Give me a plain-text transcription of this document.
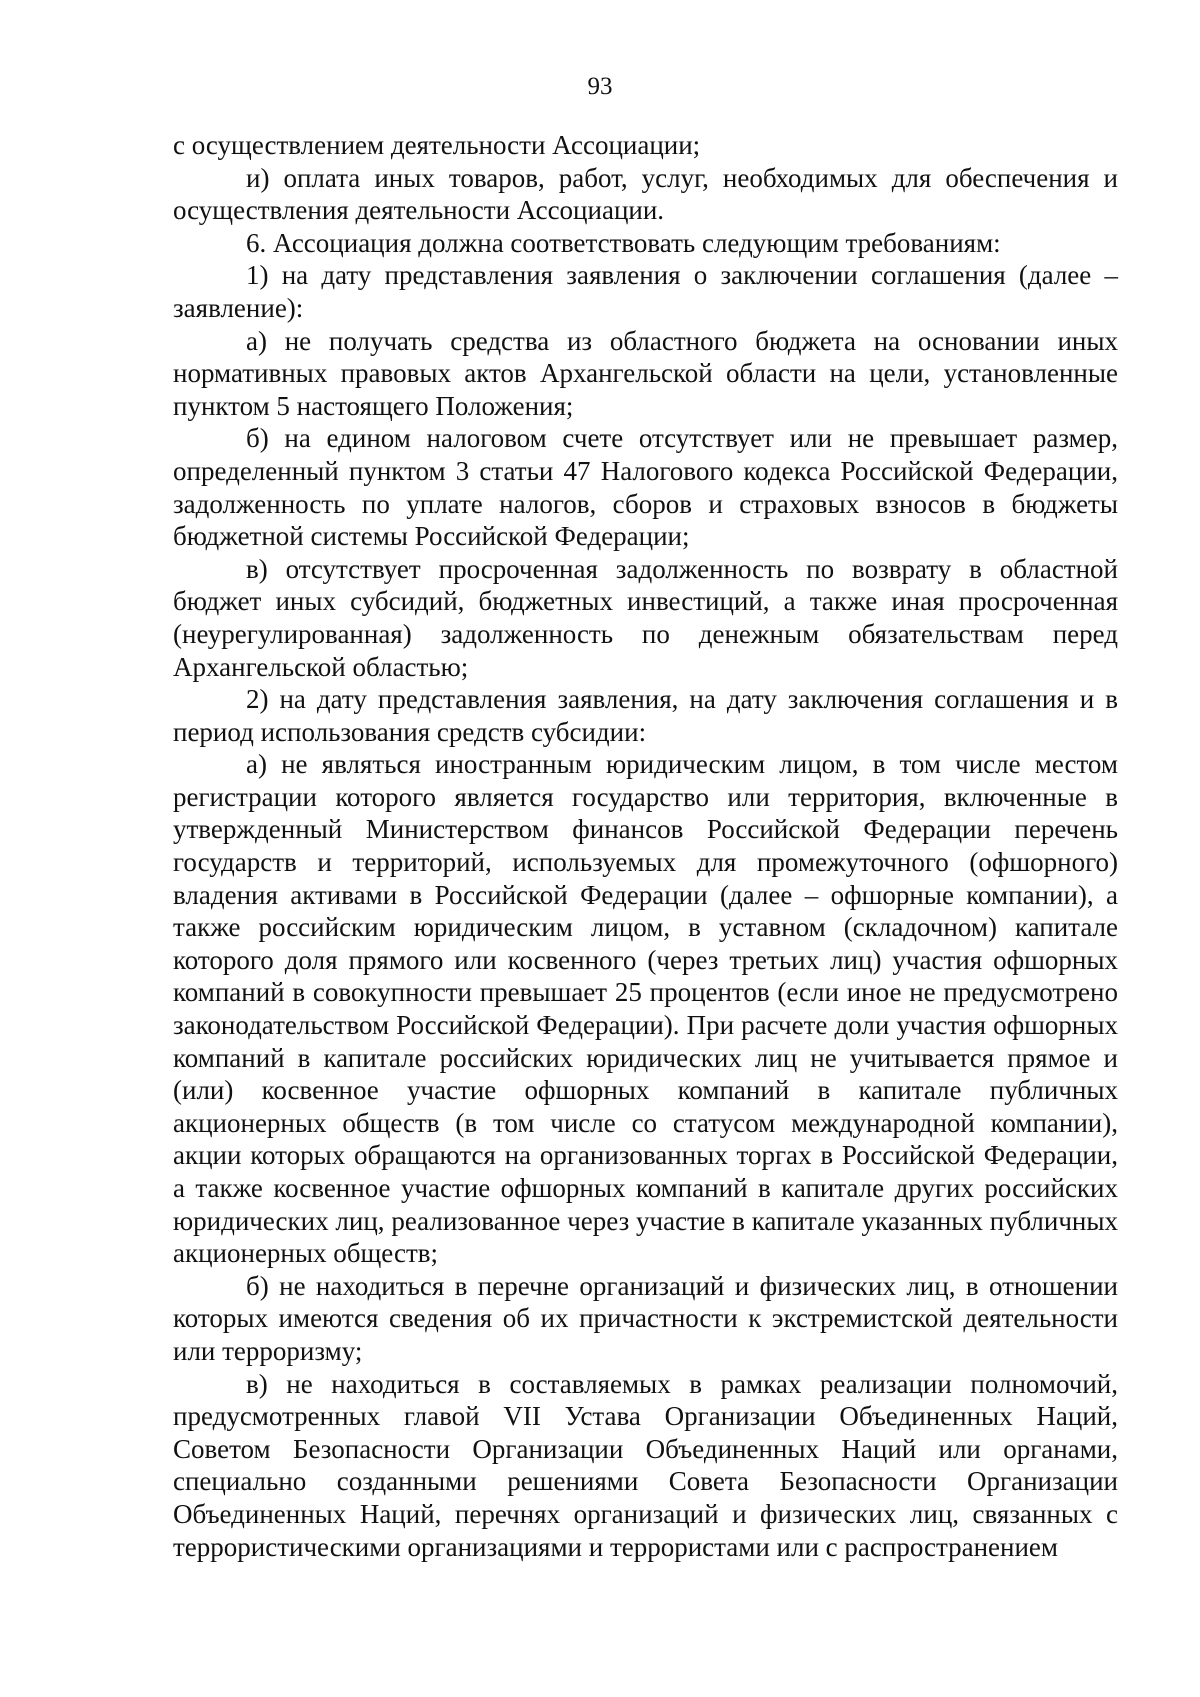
93

с осуществлением деятельности Ассоциации;

и) оплата иных товаров, работ, услуг, необходимых для обеспечения и осуществления деятельности Ассоциации.

6. Ассоциация должна соответствовать следующим требованиям:

1) на дату представления заявления о заключении соглашения (далее – заявление):

а) не получать средства из областного бюджета на основании иных нормативных правовых актов Архангельской области на цели, установленные пунктом 5 настоящего Положения;

б) на едином налоговом счете отсутствует или не превышает размер, определенный пунктом 3 статьи 47 Налогового кодекса Российской Федерации, задолженность по уплате налогов, сборов и страховых взносов в бюджеты бюджетной системы Российской Федерации;

в) отсутствует просроченная задолженность по возврату в областной бюджет иных субсидий, бюджетных инвестиций, а также иная просроченная (неурегулированная) задолженность по денежным обязательствам перед Архангельской областью;

2) на дату представления заявления, на дату заключения соглашения и в период использования средств субсидии:

а) не являться иностранным юридическим лицом, в том числе местом регистрации которого является государство или территория, включенные в утвержденный Министерством финансов Российской Федерации перечень государств и территорий, используемых для промежуточного (офшорного) владения активами в Российской Федерации (далее – офшорные компании), а также российским юридическим лицом, в уставном (складочном) капитале которого доля прямого или косвенного (через третьих лиц) участия офшорных компаний в совокупности превышает 25 процентов (если иное не предусмотрено законодательством Российской Федерации). При расчете доли участия офшорных компаний в капитале российских юридических лиц не учитывается прямое и (или) косвенное участие офшорных компаний в капитале публичных акционерных обществ (в том числе со статусом международной компании), акции которых обращаются на организованных торгах в Российской Федерации, а также косвенное участие офшорных компаний в капитале других российских юридических лиц, реализованное через участие в капитале указанных публичных акционерных обществ;

б) не находиться в перечне организаций и физических лиц, в отношении которых имеются сведения об их причастности к экстремистской деятельности или терроризму;

в) не находиться в составляемых в рамках реализации полномочий, предусмотренных главой VII Устава Организации Объединенных Наций, Советом Безопасности Организации Объединенных Наций или органами, специально созданными решениями Совета Безопасности Организации Объединенных Наций, перечнях организаций и физических лиц, связанных с террористическими организациями и террористами или с распространением
